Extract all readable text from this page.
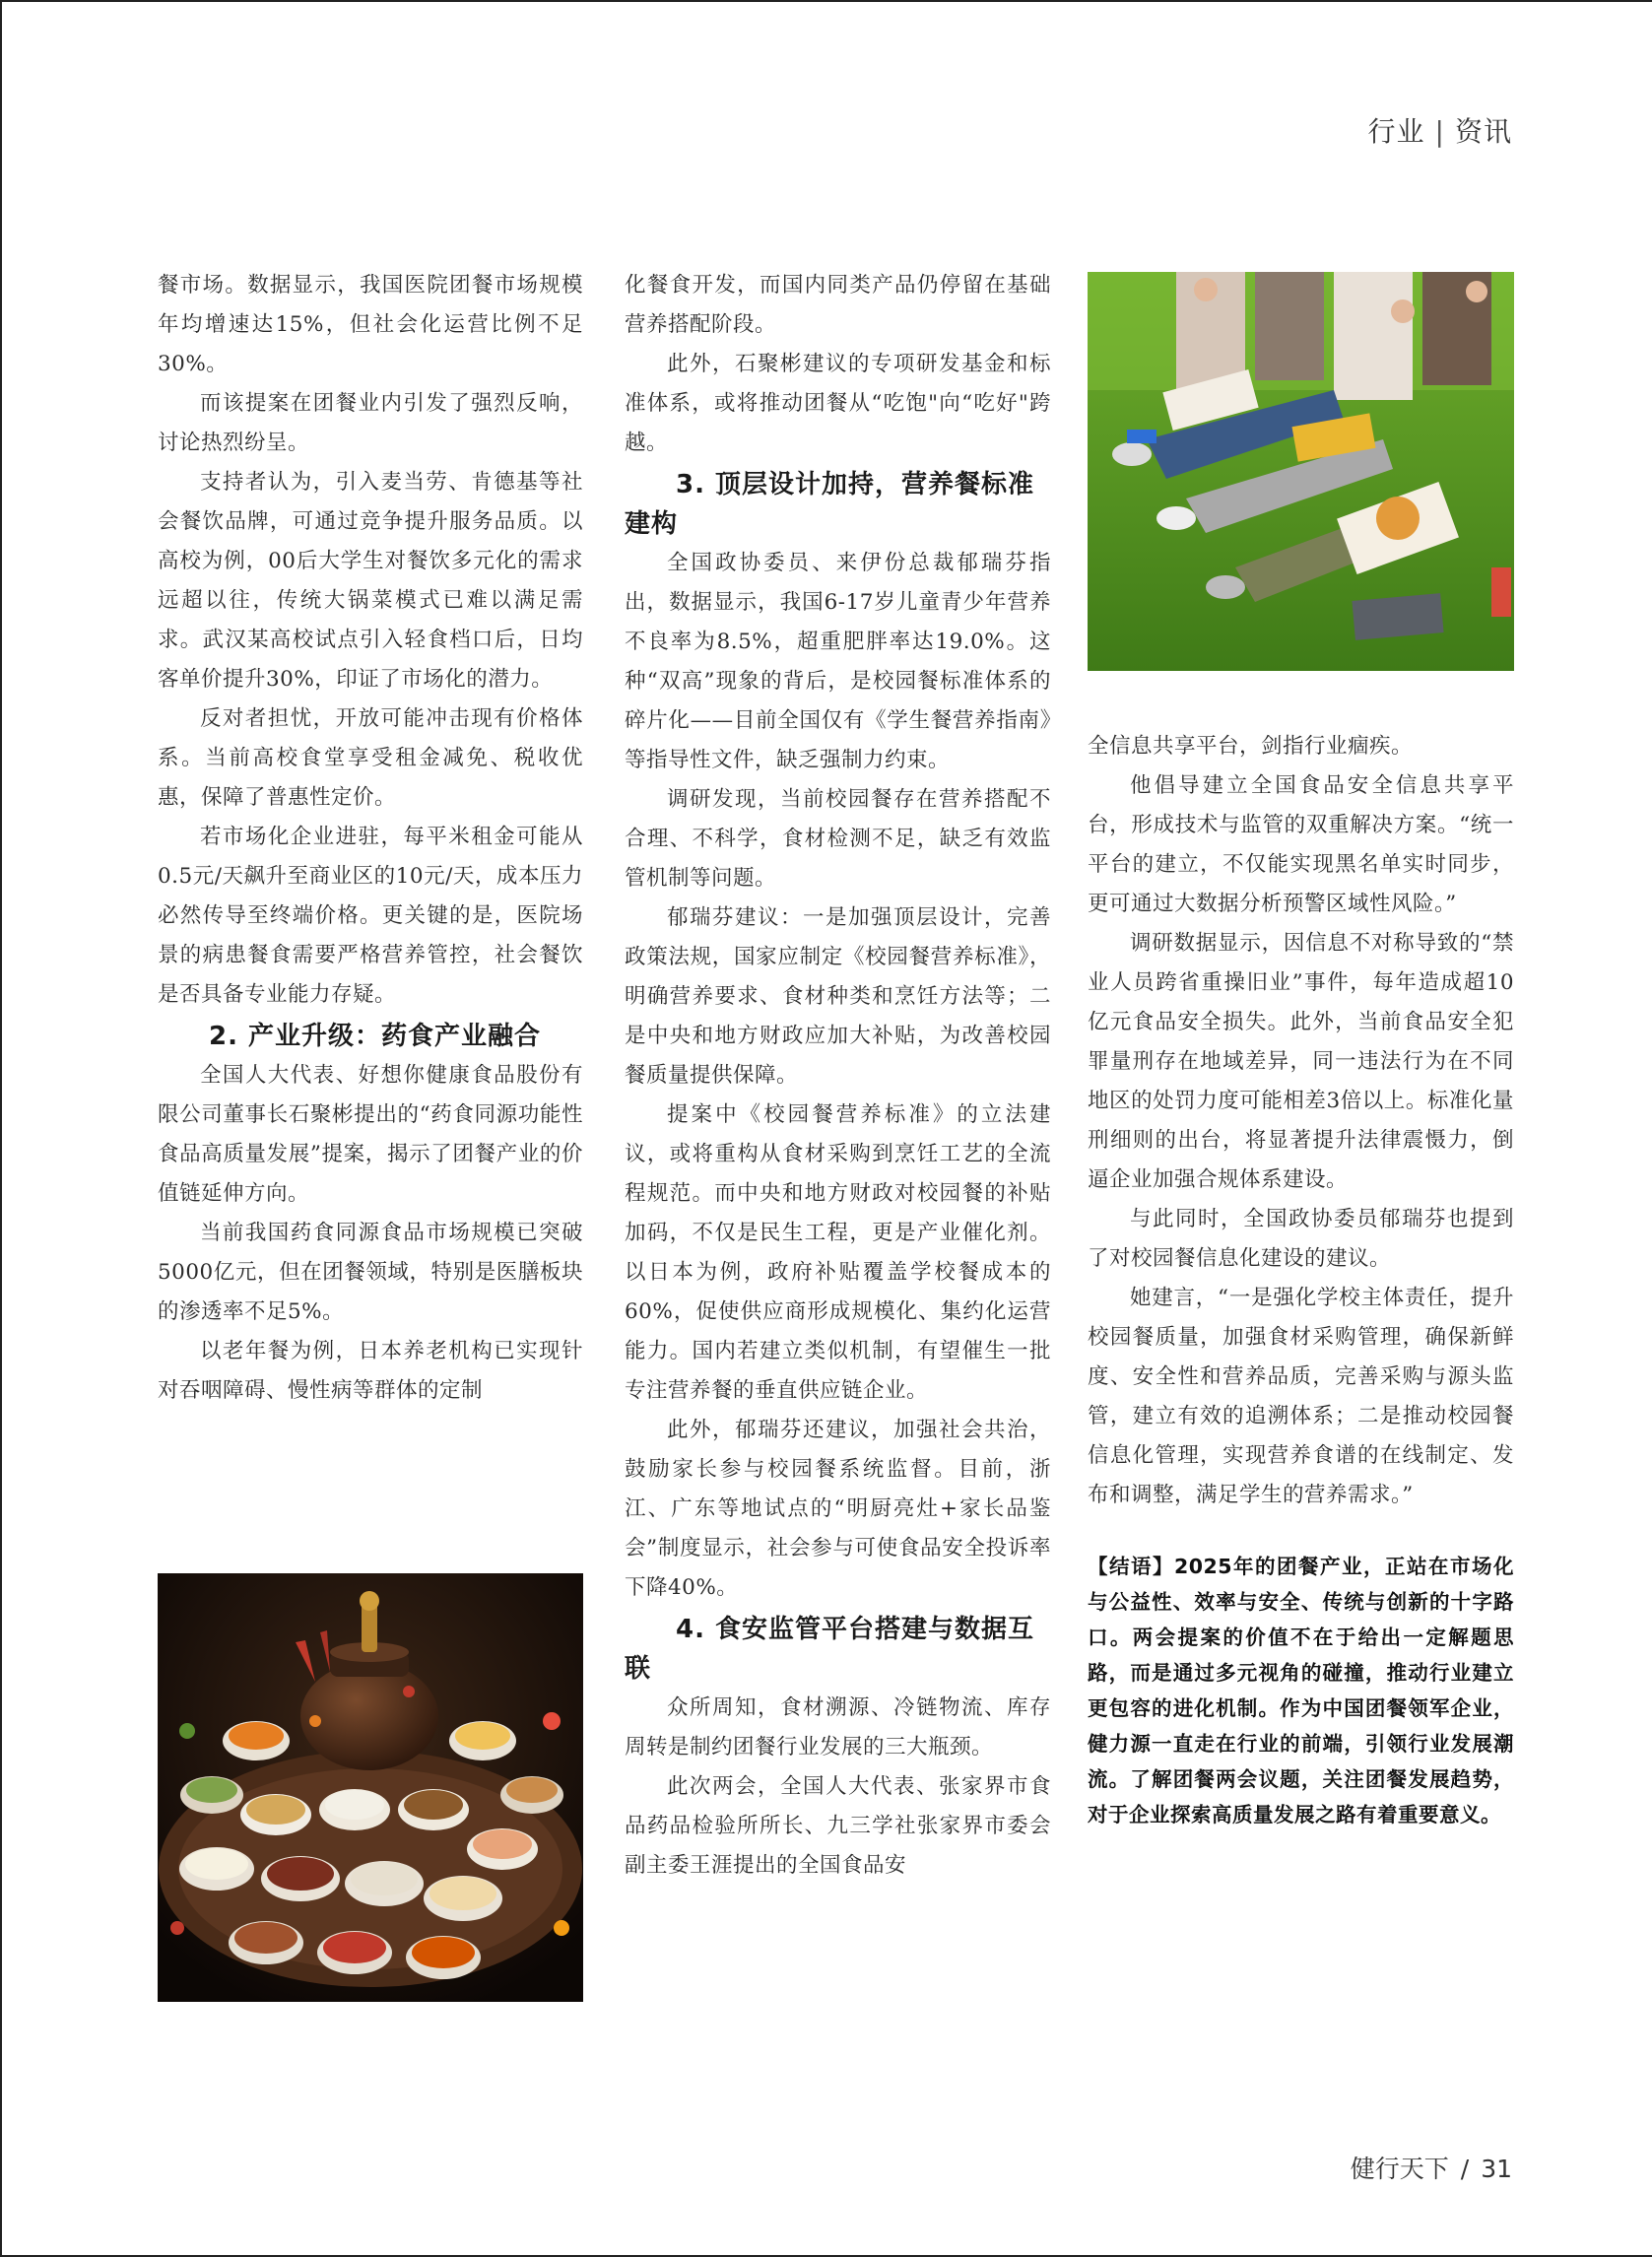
行业 | 资讯

餐市场。数据显示，我国医院团餐市场规模年均增速达15%，但社会化运营比例不足30%。

而该提案在团餐业内引发了强烈反响，讨论热烈纷呈。

支持者认为，引入麦当劳、肯德基等社会餐饮品牌，可通过竞争提升服务品质。以高校为例，00后大学生对餐饮多元化的需求远超以往，传统大锅菜模式已难以满足需求。武汉某高校试点引入轻食档口后，日均客单价提升30%，印证了市场化的潜力。

反对者担忧，开放可能冲击现有价格体系。当前高校食堂享受租金减免、税收优惠，保障了普惠性定价。

若市场化企业进驻，每平米租金可能从0.5元/天飙升至商业区的10元/天，成本压力必然传导至终端价格。更关键的是，医院场景的病患餐食需要严格营养管控，社会餐饮是否具备专业能力存疑。

2. 产业升级：药食产业融合

全国人大代表、好想你健康食品股份有限公司董事长石聚彬提出的“药食同源功能性食品高质量发展”提案，揭示了团餐产业的价值链延伸方向。

当前我国药食同源食品市场规模已突破5000亿元，但在团餐领域，特别是医膳板块的渗透率不足5%。

以老年餐为例，日本养老机构已实现针对吞咽障碍、慢性病等群体的定制

化餐食开发，而国内同类产品仍停留在基础营养搭配阶段。

此外，石聚彬建议的专项研发基金和标准体系，或将推动团餐从“吃饱"向“吃好"跨越。

3. 顶层设计加持，营养餐标准建构

全国政协委员、来伊份总裁郁瑞芬指出，数据显示，我国6-17岁儿童青少年营养不良率为8.5%，超重肥胖率达19.0%。这种“双高”现象的背后，是校园餐标准体系的碎片化——目前全国仅有《学生餐营养指南》等指导性文件，缺乏强制力约束。

调研发现，当前校园餐存在营养搭配不合理、不科学，食材检测不足，缺乏有效监管机制等问题。

郁瑞芬建议：一是加强顶层设计，完善政策法规，国家应制定《校园餐营养标准》，明确营养要求、食材种类和烹饪方法等；二是中央和地方财政应加大补贴，为改善校园餐质量提供保障。

提案中《校园餐营养标准》的立法建议，或将重构从食材采购到烹饪工艺的全流程规范。而中央和地方财政对校园餐的补贴加码，不仅是民生工程，更是产业催化剂。以日本为例，政府补贴覆盖学校餐成本的60%，促使供应商形成规模化、集约化运营能力。国内若建立类似机制，有望催生一批专注营养餐的垂直供应链企业。

此外，郁瑞芬还建议，加强社会共治，鼓励家长参与校园餐系统监督。目前，浙江、广东等地试点的“明厨亮灶+家长品鉴会”制度显示，社会参与可使食品安全投诉率下降40%。

4. 食安监管平台搭建与数据互联

众所周知，食材溯源、冷链物流、库存周转是制约团餐行业发展的三大瓶颈。

此次两会，全国人大代表、张家界市食品药品检验所所长、九三学社张家界市委会副主委王涯提出的全国食品安

全信息共享平台，剑指行业痼疾。

他倡导建立全国食品安全信息共享平台，形成技术与监管的双重解决方案。“统一平台的建立，不仅能实现黑名单实时同步，更可通过大数据分析预警区域性风险。”

调研数据显示，因信息不对称导致的“禁业人员跨省重操旧业”事件，每年造成超10亿元食品安全损失。此外，当前食品安全犯罪量刑存在地域差异，同一违法行为在不同地区的处罚力度可能相差3倍以上。标准化量刑细则的出台，将显著提升法律震慑力，倒逼企业加强合规体系建设。

与此同时，全国政协委员郁瑞芬也提到了对校园餐信息化建设的建议。

她建言，“一是强化学校主体责任，提升校园餐质量，加强食材采购管理，确保新鲜度、安全性和营养品质，完善采购与源头监管，建立有效的追溯体系；二是推动校园餐信息化管理，实现营养食谱的在线制定、发布和调整，满足学生的营养需求。”

【结语】2025年的团餐产业，正站在市场化与公益性、效率与安全、传统与创新的十字路口。两会提案的价值不在于给出一定解题思路，而是通过多元视角的碰撞，推动行业建立更包容的进化机制。作为中国团餐领军企业，健力源一直走在行业的前端，引领行业发展潮流。了解团餐两会议题，关注团餐发展趋势，对于企业探索高质量发展之路有着重要意义。

健行天下 / 31
